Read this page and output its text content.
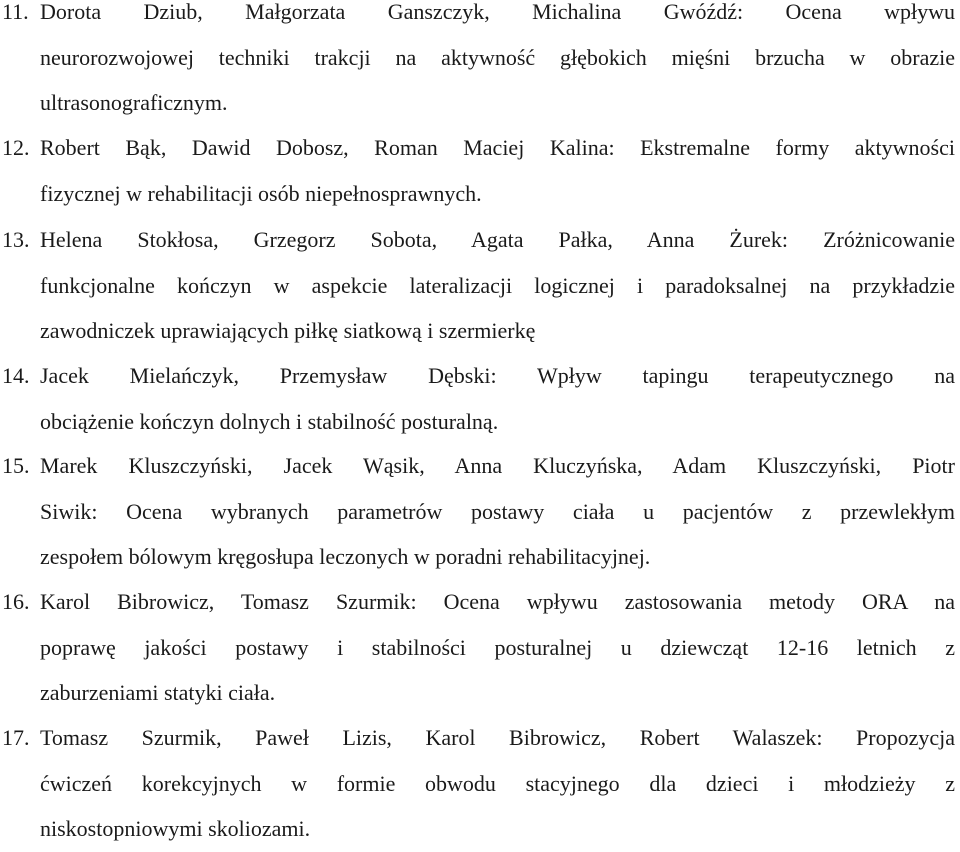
11. Dorota Dziub, Małgorzata Ganszczyk, Michalina Gwóźdź: Ocena wpływu
neurorozwojowej techniki trakcji na aktywność głębokich mięśni brzucha w obrazie
ultrasonograficznym.
12. Robert Bąk, Dawid Dobosz, Roman Maciej Kalina: Ekstremalne formy aktywności
fizycznej w rehabilitacji osób niepełnosprawnych.
13. Helena Stokłosa, Grzegorz Sobota, Agata Pałka, Anna Żurek: Zróżnicowanie
funkcjonalne kończyn w aspekcie lateralizacji logicznej i paradoksalnej na przykładzie
zawodniczek uprawiających piłkę siatkową i szermierkę
14. Jacek Mielańczyk, Przemysław Dębski: Wpływ tapingu terapeutycznego na
obciążenie kończyn dolnych i stabilność posturalną.
15. Marek Kluszczyński, Jacek Wąsik, Anna Kluczyńska, Adam Kluszczyński, Piotr
Siwik: Ocena wybranych parametrów postawy ciała u pacjentów z przewlekłym
zespołem bólowym kręgosłupa leczonych w poradni rehabilitacyjnej.
16. Karol Bibrowicz, Tomasz Szurmik: Ocena wpływu zastosowania metody ORA na
poprawę jakości postawy i stabilności posturalnej u dziewcząt 12-16 letnich z
zaburzeniami statyki ciała.
17. Tomasz Szurmik, Paweł Lizis, Karol Bibrowicz, Robert Walaszek: Propozycja
ćwiczeń korekcyjnych w formie obwodu stacyjnego dla dzieci i młodzieży z
niskostopniowymi skoliozami.
